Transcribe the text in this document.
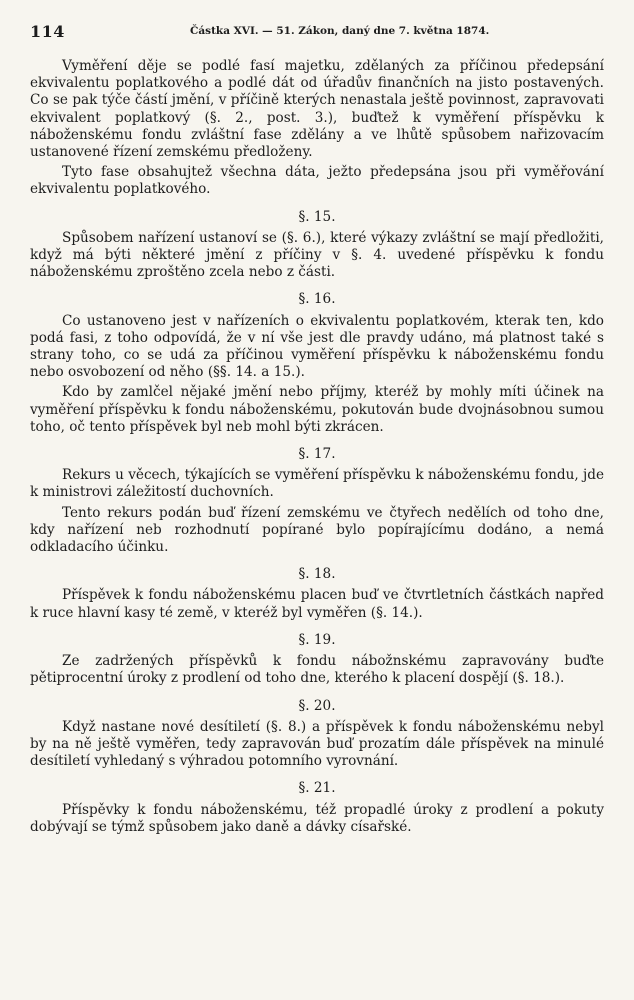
114	Částka XVI. — 51. Zákon, daný dne 7. května 1874.

Vyměření děje se podlé fasí majetku, zdělaných za příčinou předepsání ekvivalentu poplatkového a podlé dát od úřadův finančních na jisto postavených. Co se pak týče částí jmění, v příčině kterých nenastala ještě povinnost, zapravovati ekvivalent poplatkový (§. 2., post. 3.), buďtež k vyměření příspěvku k náboženskému fondu zvláštní fase zdělány a ve lhůtě spůsobem nařizovacím ustanovené řízení zemskému předloženy.

Tyto fase obsahujtež všechna dáta, ježto předepsána jsou při vyměřování ekvivalentu poplatkového.

§. 15.

Spůsobem nařízení ustanoví se (§. 6.), které výkazy zvláštní se mají předložiti, když má býti některé jmění z příčiny v §. 4. uvedené příspěvku k fondu náboženskému zproštěno zcela nebo z části.

§. 16.

Co ustanoveno jest v nařízeních o ekvivalentu poplatkovém, kterak ten, kdo podá fasi, z toho odpovídá, že v ní vše jest dle pravdy udáno, má platnost také s strany toho, co se udá za příčinou vyměření příspěvku k náboženskému fondu nebo osvobození od něho (§§. 14. a 15.).

Kdo by zamlčel nějaké jmění nebo příjmy, kteréž by mohly míti účinek na vyměření příspěvku k fondu náboženskému, pokutován bude dvojnásobnou sumou toho, oč tento příspěvek byl neb mohl býti zkrácen.

§. 17.

Rekurs u věcech, týkajících se vyměření příspěvku k náboženskému fondu, jde k ministrovi záležitostí duchovních.

Tento rekurs podán buď řízení zemskému ve čtyřech nedělích od toho dne, kdy nařízení neb rozhodnutí popírané bylo popírajícímu dodáno, a nemá odkladacího účinku.

§. 18.

Příspěvek k fondu náboženskému placen buď ve čtvrtletních částkách napřed k ruce hlavní kasy té země, v kteréž byl vyměřen (§. 14.).

§. 19.

Ze zadržených příspěvků k fondu nábožnskému zapravovány buďte pětiprocentní úroky z prodlení od toho dne, kterého k placení dospějí (§. 18.).

§. 20.

Když nastane nové desítiletí (§. 8.) a příspěvek k fondu náboženskému nebyl by na ně ještě vyměřen, tedy zapravován buď prozatím dále příspěvek na minulé desítiletí vyhledaný s výhradou potomního vyrovnání.

§. 21.

Příspěvky k fondu náboženskému, též propadlé úroky z prodlení a pokuty dobývají se týmž spůsobem jako daně a dávky císařské.
